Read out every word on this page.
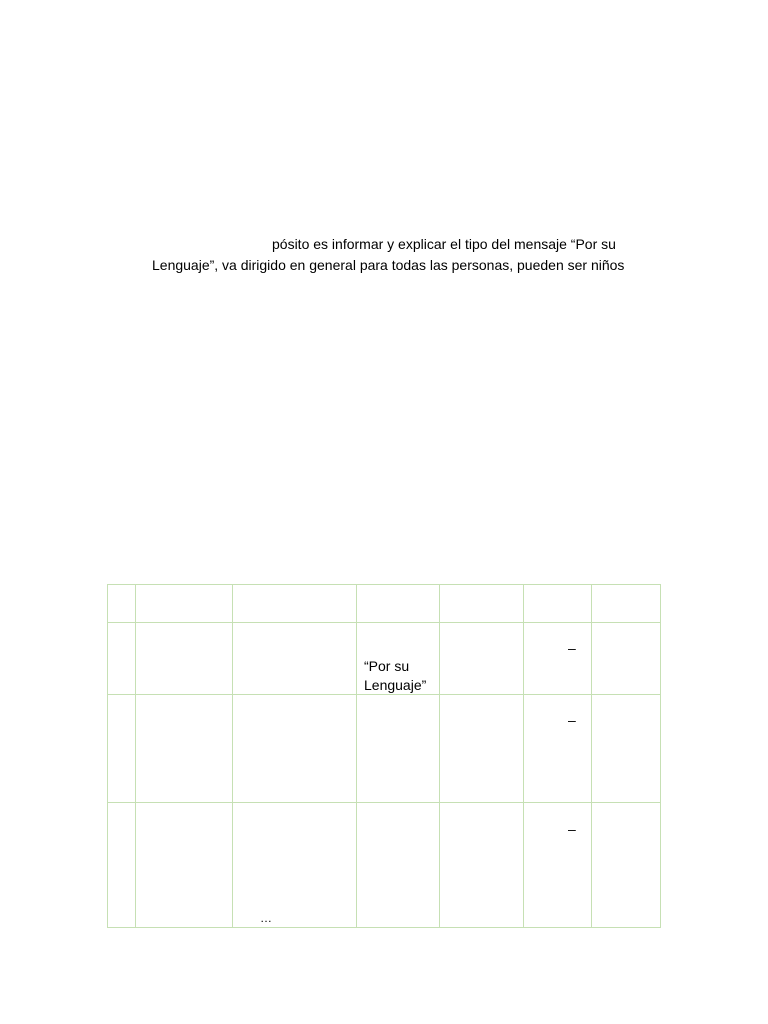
pósito es informar y explicar el tipo del mensaje “Por su
Lenguaje”, va dirigido en general para todas las personas, pueden ser niños
“Por su
Lenguaje”
–
–
…
–
